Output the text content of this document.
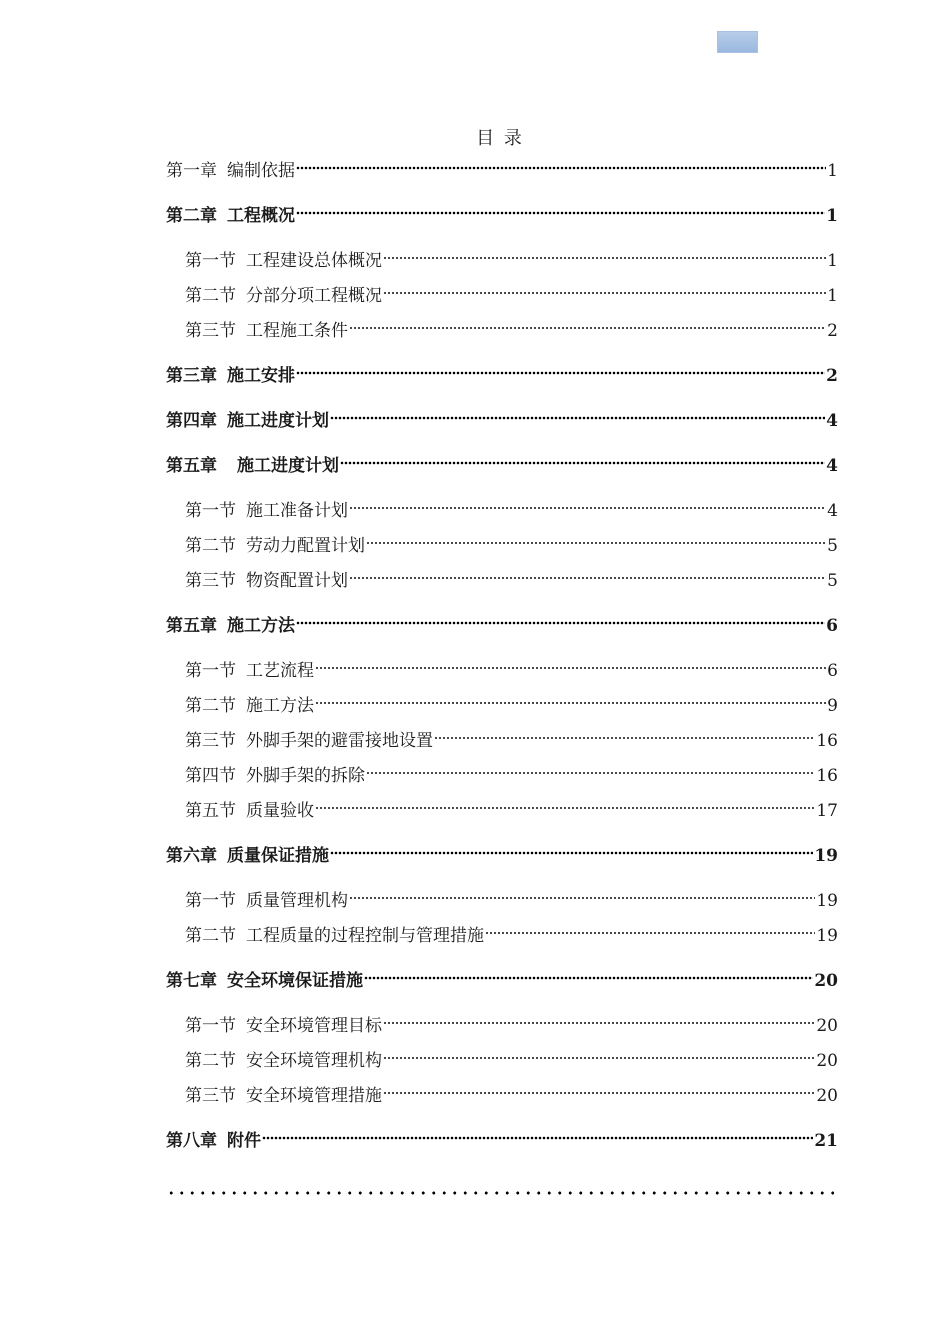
目 录
第一章 编制依据	1
第二章 工程概况	1
第一节 工程建设总体概况	1
第二节 分部分项工程概况	1
第三节 工程施工条件	2
第三章 施工安排	2
第四章 施工进度计划	4
第五章 施工进度计划	4
第一节 施工准备计划	4
第二节 劳动力配置计划	5
第三节 物资配置计划	5
第五章 施工方法	6
第一节 工艺流程	6
第二节 施工方法	9
第三节 外脚手架的避雷接地设置	16
第四节 外脚手架的拆除	16
第五节 质量验收	17
第六章 质量保证措施	19
第一节 质量管理机构	19
第二节 工程质量的过程控制与管理措施	19
第七章 安全环境保证措施	20
第一节 安全环境管理目标	20
第二节 安全环境管理机构	20
第三节 安全环境管理措施	20
第八章 附件	21
